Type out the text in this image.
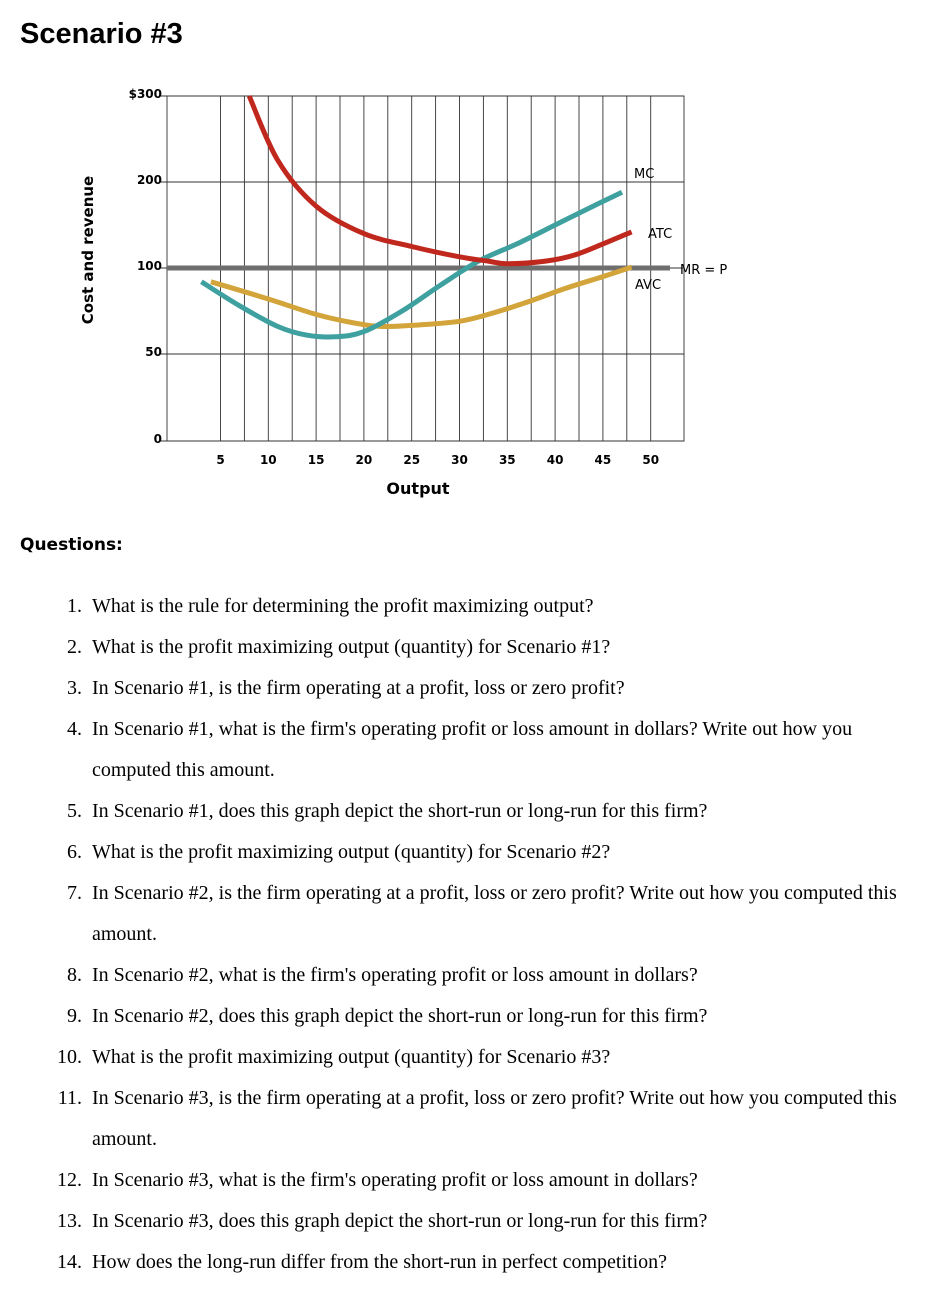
Scenario #3
ATC
MC
AVC
MR = P
0
50
100
200
$300
5	10	15	20	25	30	35	40	45	50
Output
Cost and revenue
Questions:
1. What is the rule for determining the profit maximizing output?
2. What is the profit maximizing output (quantity) for Scenario #1?
3. In Scenario #1, is the firm operating at a profit, loss or zero profit?
4. In Scenario #1, what is the firm's operating profit or loss amount in dollars? Write out how you computed this amount.
5. In Scenario #1, does this graph depict the short-run or long-run for this firm?
6. What is the profit maximizing output (quantity) for Scenario #2?
7. In Scenario #2, is the firm operating at a profit, loss or zero profit? Write out how you computed this amount.
8. In Scenario #2, what is the firm's operating profit or loss amount in dollars?
9. In Scenario #2, does this graph depict the short-run or long-run for this firm?
10. What is the profit maximizing output (quantity) for Scenario #3?
11. In Scenario #3, is the firm operating at a profit, loss or zero profit? Write out how you computed this amount.
12. In Scenario #3, what is the firm's operating profit or loss amount in dollars?
13. In Scenario #3, does this graph depict the short-run or long-run for this firm?
14. How does the long-run differ from the short-run in perfect competition?
